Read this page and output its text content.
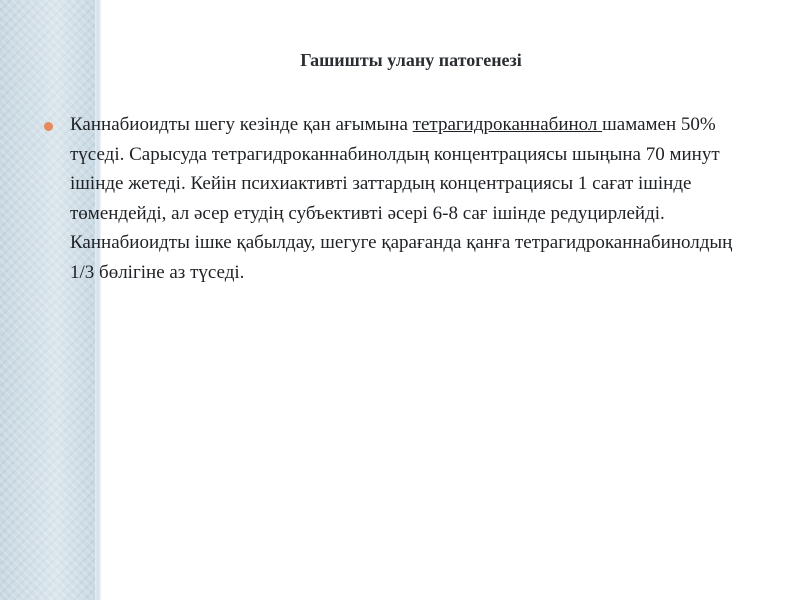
Гашишты улану патогенезі

Каннабиоидты шегу кезінде қан ағымына тетрагидроканнабинол шамамен 50% түседі. Сарысуда тетрагидроканнабинолдың концентрациясы шыңына 70 минут ішінде жетеді. Кейін психиактивті заттардың концентрациясы 1 сағат ішінде төмендейді, ал әсер етудің субъективті әсері 6-8 сағ ішінде редуцирлейді. Каннабиоидты ішке қабылдау, шегуге қарағанда қанға тетрагидроканнабинолдың 1/3 бөлігіне аз түседі.
